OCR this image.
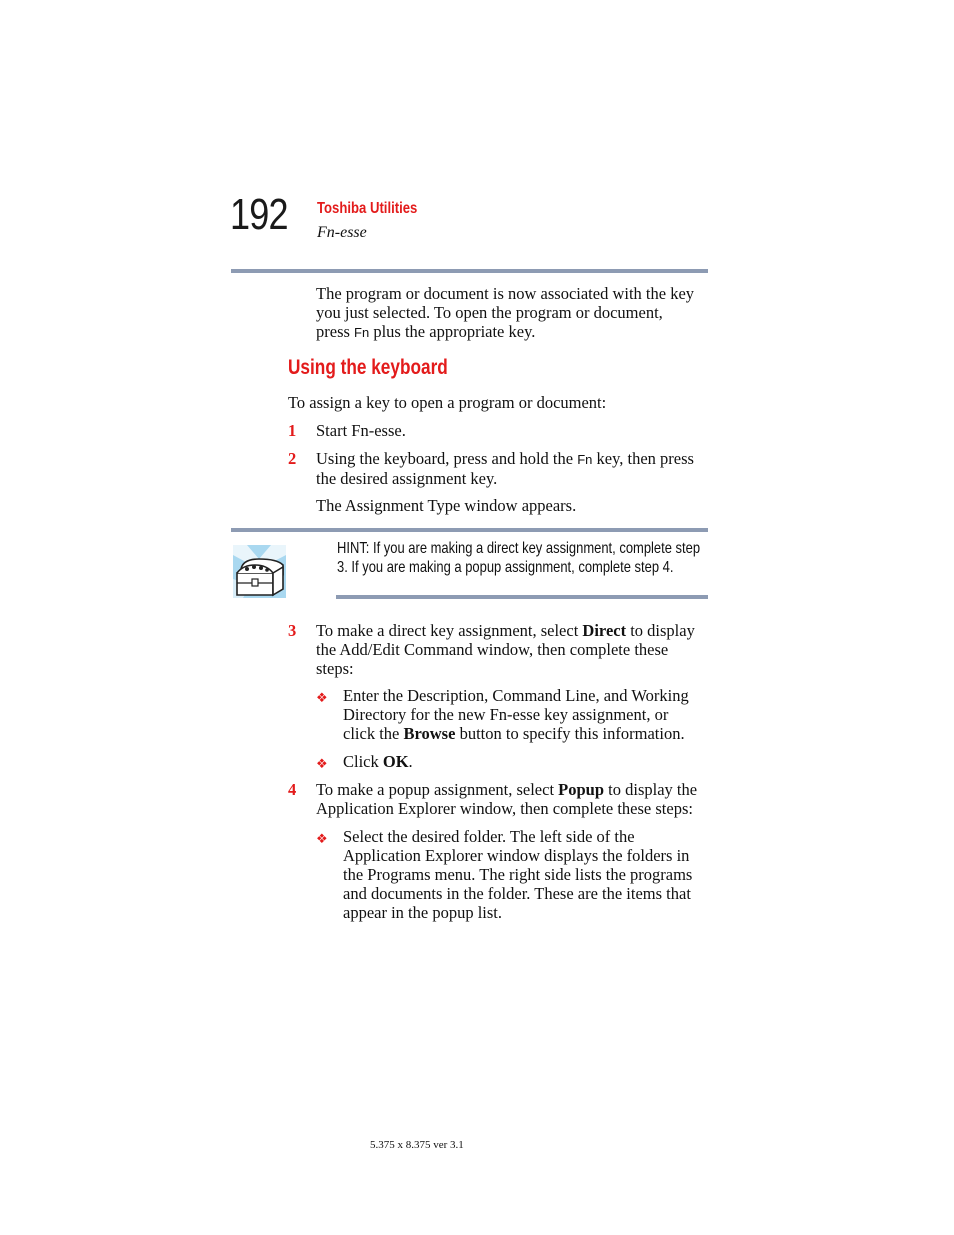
192 Toshiba Utilities
Fn-esse
The program or document is now associated with the key
you just selected. To open the program or document,
press Fn plus the appropriate key.
Using the keyboard
To assign a key to open a program or document:
1	Start Fn-esse.
2	Using the keyboard, press and hold the Fn key, then press
the desired assignment key.
The Assignment Type window appears.
HINT: If you are making a direct key assignment, complete step
3. If you are making a popup assignment, complete step 4.
3	To make a direct key assignment, select Direct to display
the Add/Edit Command window, then complete these
steps:
❖ Enter the Description, Command Line, and Working
Directory for the new Fn-esse key assignment, or
click the Browse button to specify this information.
❖ Click OK.
4	To make a popup assignment, select Popup to display the
Application Explorer window, then complete these steps:
❖ Select the desired folder. The left side of the
Application Explorer window displays the folders in
the Programs menu. The right side lists the programs
and documents in the folder. These are the items that
appear in the popup list.
5.375 x 8.375 ver 3.1
